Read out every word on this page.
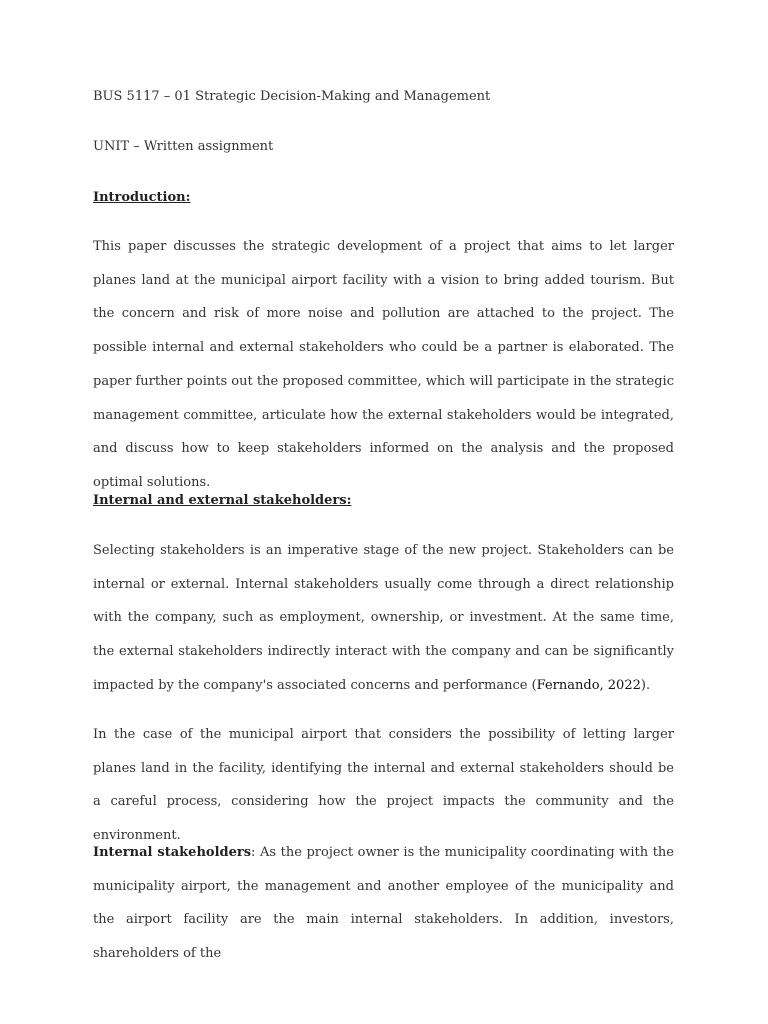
BUS 5117 – 01 Strategic Decision-Making and Management
UNIT – Written assignment
Introduction:

This paper discusses the strategic development of a project that aims to let larger planes land at the municipal airport facility with a vision to bring added tourism. But the concern and risk of more noise and pollution are attached to the project. The possible internal and external stakeholders who could be a partner is elaborated. The paper further points out the proposed committee, which will participate in the strategic management committee, articulate how the external stakeholders would be integrated, and discuss how to keep stakeholders informed on the analysis and the proposed optimal solutions.

Internal and external stakeholders:

Selecting stakeholders is an imperative stage of the new project. Stakeholders can be internal or external. Internal stakeholders usually come through a direct relationship with the company, such as employment, ownership, or investment. At the same time, the external stakeholders indirectly interact with the company and can be significantly impacted by the company's associated concerns and performance (Fernando, 2022).

In the case of the municipal airport that considers the possibility of letting larger planes land in the facility, identifying the internal and external stakeholders should be a careful process, considering how the project impacts the community and the environment.

Internal stakeholders: As the project owner is the municipality coordinating with the municipality airport, the management and another employee of the municipality and the airport facility are the main internal stakeholders. In addition, investors, shareholders of the
